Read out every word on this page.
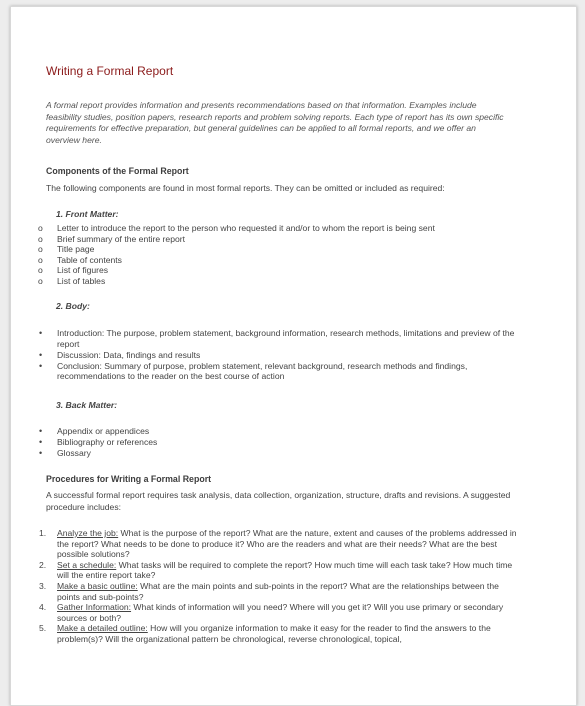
Writing a Formal Report
A formal report provides information and presents recommendations based on that information. Examples include feasibility studies, position papers, research reports and problem solving reports. Each type of report has its own specific requirements for effective preparation, but general guidelines can be applied to all formal reports, and we offer an overview here.
Components of the Formal Report
The following components are found in most formal reports. They can be omitted or included as required:
1. Front Matter:
o	Letter to introduce the report to the person who requested it and/or to whom the report is being sent
o	Brief summary of the entire report
o	Title page
o	Table of contents
o	List of figures
o	List of tables
2. Body:
•	Introduction: The purpose, problem statement, background information, research methods, limitations and preview of the report
•	Discussion: Data, findings and results
•	Conclusion: Summary of purpose, problem statement, relevant background, research methods and findings, recommendations to the reader on the best course of action
3. Back Matter:
•	Appendix or appendices
•	Bibliography or references
•	Glossary
Procedures for Writing a Formal Report
A successful formal report requires task analysis, data collection, organization, structure, drafts and revisions. A suggested procedure includes:
1.	Analyze the job: What is the purpose of the report? What are the nature, extent and causes of the problems addressed in the report? What needs to be done to produce it? Who are the readers and what are their needs? What are the best possible solutions?
2.	Set a schedule: What tasks will be required to complete the report? How much time will each task take? How much time will the entire report take?
3.	Make a basic outline: What are the main points and sub-points in the report? What are the relationships between the points and sub-points?
4.	Gather Information: What kinds of information will you need? Where will you get it? Will you use primary or secondary sources or both?
5.	Make a detailed outline: How will you organize information to make it easy for the reader to find the answers to the problem(s)? Will the organizational pattern be chronological, reverse chronological, topical,
